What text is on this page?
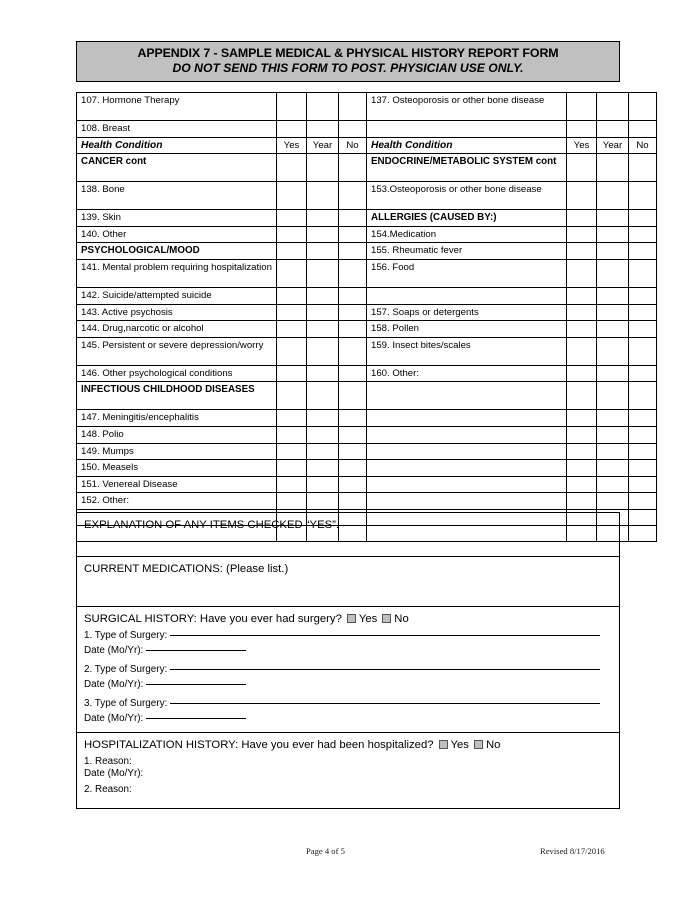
APPENDIX 7 - SAMPLE MEDICAL & PHYSICAL HISTORY REPORT FORM
DO NOT SEND THIS FORM TO POST. PHYSICIAN USE ONLY.
107. Hormone Therapy				137. Osteoporosis or other bone disease			
108. Breast							
Health Condition	Yes	Year	No	Health Condition	Yes	Year	No
CANCER cont				ENDOCRINE/METABOLIC SYSTEM cont			
138. Bone				153.Osteoporosis or other bone disease			
139. Skin				ALLERGIES (CAUSED BY:)			
140. Other				154.Medication			
PSYCHOLOGICAL/MOOD				155. Rheumatic fever			
141. Mental problem requiring hospitalization				156. Food			
142. Suicide/attempted suicide							
143. Active psychosis				157. Soaps or detergents			
144. Drug,narcotic or alcohol				158. Pollen			
145. Persistent or severe depression/worry				159. Insect bites/scales			
146. Other psychological conditions				160. Other:			
INFECTIOUS CHILDHOOD DISEASES							
147. Meningitis/encephalitis							
148. Polio							
149. Mumps							
150. Measels							
151. Venereal Disease							
152. Other:							

EXPLANATION OF ANY ITEMS CHECKED “YES”.
CURRENT MEDICATIONS: (Please list.)
SURGICAL HISTORY: Have you ever had surgery? Yes No
1. Type of Surgery:
Date (Mo/Yr):
2. Type of Surgery:
Date (Mo/Yr):
3. Type of Surgery:
Date (Mo/Yr):
HOSPITALIZATION HISTORY: Have you ever had been hospitalized? Yes No
1. Reason:
Date (Mo/Yr):
2. Reason:
Page 4 of 5	Revised 8/17/2016
